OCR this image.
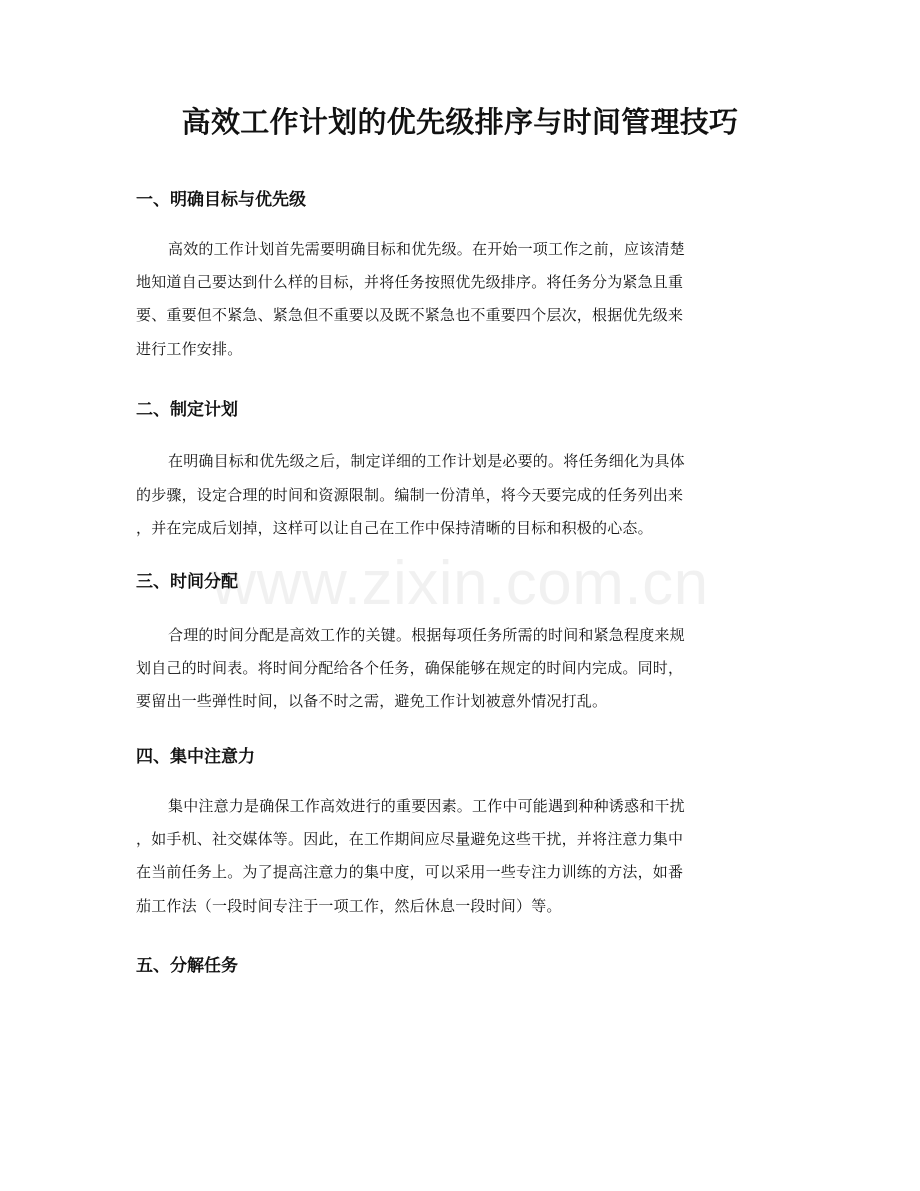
高效工作计划的优先级排序与时间管理技巧
一、明确目标与优先级
高效的工作计划首先需要明确目标和优先级。在开始一项工作之前，应该清楚
地知道自己要达到什么样的目标，并将任务按照优先级排序。将任务分为紧急且重
要、重要但不紧急、紧急但不重要以及既不紧急也不重要四个层次，根据优先级来
进行工作安排。
二、制定计划
在明确目标和优先级之后，制定详细的工作计划是必要的。将任务细化为具体
的步骤，设定合理的时间和资源限制。编制一份清单，将今天要完成的任务列出来
，并在完成后划掉，这样可以让自己在工作中保持清晰的目标和积极的心态。
三、时间分配
合理的时间分配是高效工作的关键。根据每项任务所需的时间和紧急程度来规
划自己的时间表。将时间分配给各个任务，确保能够在规定的时间内完成。同时，
要留出一些弹性时间，以备不时之需，避免工作计划被意外情况打乱。
四、集中注意力
集中注意力是确保工作高效进行的重要因素。工作中可能遇到种种诱惑和干扰
，如手机、社交媒体等。因此，在工作期间应尽量避免这些干扰，并将注意力集中
在当前任务上。为了提高注意力的集中度，可以采用一些专注力训练的方法，如番
茄工作法（一段时间专注于一项工作，然后休息一段时间）等。
五、分解任务
www.zixin.com.cn
